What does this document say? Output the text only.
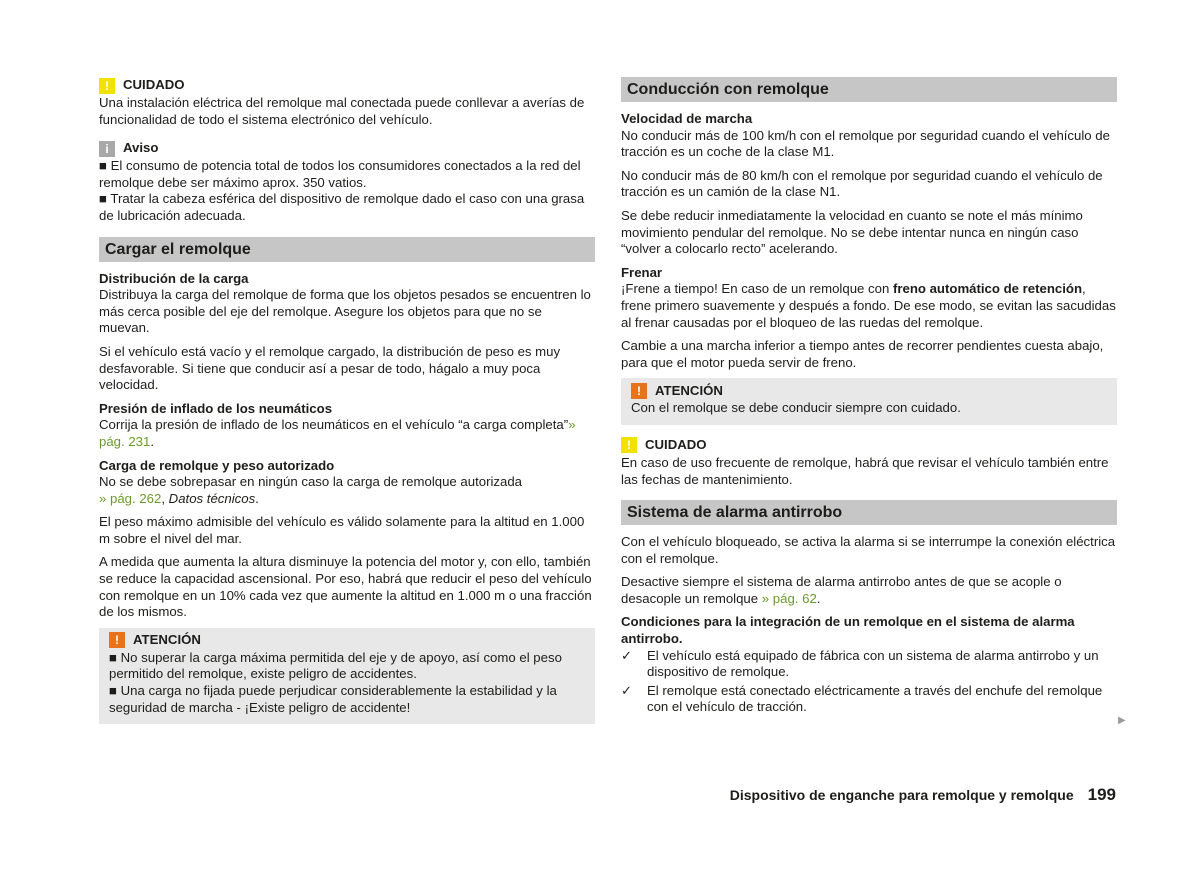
!	CUIDADO

Una instalación eléctrica del remolque mal conectada puede conllevar a averías de funcionalidad de todo el sistema electrónico del vehículo.

i	Aviso

■ El consumo de potencia total de todos los consumidores conectados a la red del remolque debe ser máximo aprox. 350 vatios.

■ Tratar la cabeza esférica del dispositivo de remolque dado el caso con una grasa de lubricación adecuada.

Cargar el remolque

Distribución de la carga

Distribuya la carga del remolque de forma que los objetos pesados se encuentren lo más cerca posible del eje del remolque. Asegure los objetos para que no se muevan.

Si el vehículo está vacío y el remolque cargado, la distribución de peso es muy desfavorable. Si tiene que conducir así a pesar de todo, hágalo a muy poca velocidad.

Presión de inflado de los neumáticos

Corrija la presión de inflado de los neumáticos en el vehículo “a carga completa”» pág. 231.

Carga de remolque y peso autorizado

No se debe sobrepasar en ningún caso la carga de remolque autorizada
» pág. 262, Datos técnicos.

El peso máximo admisible del vehículo es válido solamente para la altitud en 1.000 m sobre el nivel del mar.

A medida que aumenta la altura disminuye la potencia del motor y, con ello, también se reduce la capacidad ascensional. Por eso, habrá que reducir el peso del vehículo con remolque en un 10% cada vez que aumente la altitud en 1.000 m o una fracción de los mismos.

!	ATENCIÓN

■ No superar la carga máxima permitida del eje y de apoyo, así como el peso permitido del remolque, existe peligro de accidentes.

■ Una carga no fijada puede perjudicar considerablemente la estabilidad y la seguridad de marcha - ¡Existe peligro de accidente!

Conducción con remolque

Velocidad de marcha

No conducir más de 100 km/h con el remolque por seguridad cuando el vehículo de tracción es un coche de la clase M1.

No conducir más de 80 km/h con el remolque por seguridad cuando el vehículo de tracción es un camión de la clase N1.

Se debe reducir inmediatamente la velocidad en cuanto se note el más mínimo movimiento pendular del remolque. No se debe intentar nunca en ningún caso “volver a colocarlo recto” acelerando.

Frenar

¡Frene a tiempo! En caso de un remolque con freno automático de retención, frene primero suavemente y después a fondo. De ese modo, se evitan las sacudidas al frenar causadas por el bloqueo de las ruedas del remolque.

Cambie a una marcha inferior a tiempo antes de recorrer pendientes cuesta abajo, para que el motor pueda servir de freno.

!	ATENCIÓN

Con el remolque se debe conducir siempre con cuidado.

!	CUIDADO

En caso de uso frecuente de remolque, habrá que revisar el vehículo también entre las fechas de mantenimiento.

Sistema de alarma antirrobo

Con el vehículo bloqueado, se activa la alarma si se interrumpe la conexión eléctrica con el remolque.

Desactive siempre el sistema de alarma antirrobo antes de que se acople o desacople un remolque » pág. 62.

Condiciones para la integración de un remolque en el sistema de alarma antirrobo.

✓	El vehículo está equipado de fábrica con un sistema de alarma antirrobo y un dispositivo de remolque.
✓	El remolque está conectado eléctricamente a través del enchufe del remolque con el vehículo de tracción.
▶
Dispositivo de enganche para remolque y remolque 199
